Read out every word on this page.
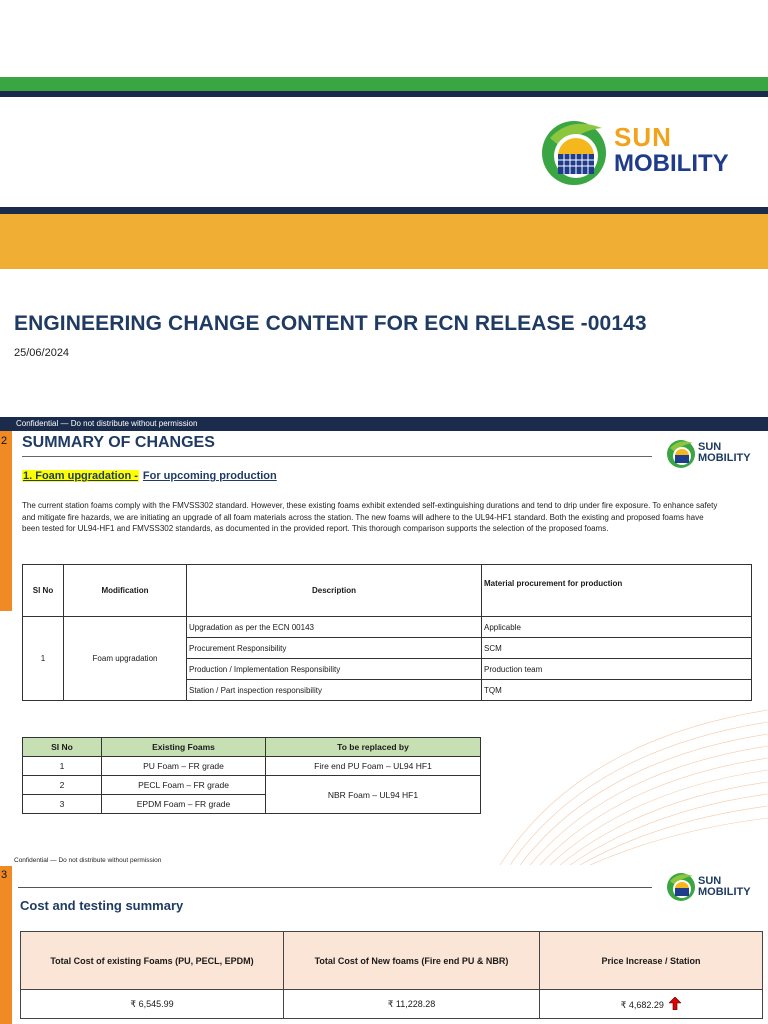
SUN
MOBILITY
ENGINEERING CHANGE CONTENT FOR ECN RELEASE -00143
25/06/2024
Confidential — Do not distribute without permission
2 SUMMARY OF CHANGES	SUN
MOBILITY
1. Foam upgradation - For upcoming production
The current station foams comply with the FMVSS302 standard. However, these existing foams exhibit extended self-extinguishing durations and tend to drip under fire exposure. To enhance safety and mitigate fire hazards, we are initiating an upgrade of all foam materials across the station. The new foams will adhere to the UL94-HF1 standard. Both the existing and proposed foams have been tested for UL94-HF1 and FMVSS302 standards, as documented in the provided report. This thorough comparison supports the selection of the proposed foams.
Sl No	Modification	Description	Material procurement for production
1	Foam upgradation	Upgradation as per the ECN 00143	Applicable
		Procurement Responsibility	SCM
		Production / Implementation Responsibility	Production team
		Station / Part inspection responsibility	TQM
SI No	Existing Foams	To be replaced by
1	PU Foam – FR grade	Fire end PU Foam – UL94 HF1
2	PECL Foam – FR grade	NBR Foam – UL94 HF1
3	EPDM Foam – FR grade	
Confidential — Do not distribute without permission
3	SUN
MOBILITY
Cost and testing summary
Total Cost of existing Foams (PU, PECL, EPDM)	Total Cost of New foams (Fire end PU & NBR)	Price Increase / Station
₹ 6,545.99	₹ 11,228.28	₹ 4,682.29
